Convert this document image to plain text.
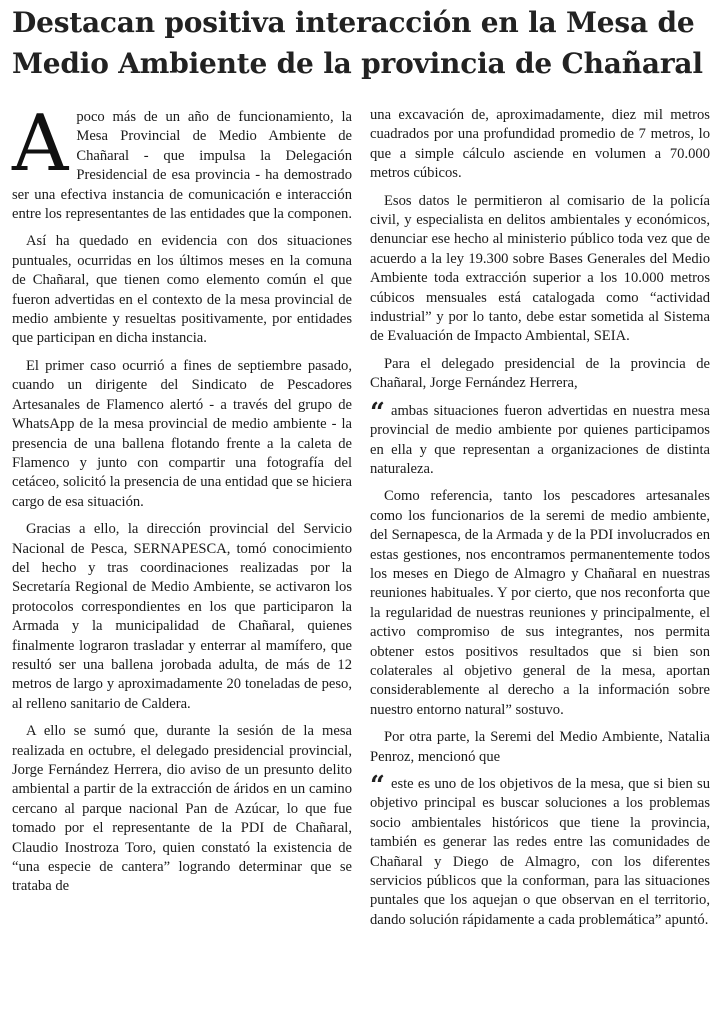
Destacan positiva interacción en la Mesa de Medio Ambiente de la provincia de Chañaral

A poco más de un año de funcionamiento, la Mesa Provincial de Medio Ambiente de Chañaral - que impulsa la Delegación Presidencial de esa provincia - ha demostrado ser una efectiva instancia de comunicación e interacción entre los representantes de las entidades que la componen.

Así ha quedado en evidencia con dos situaciones puntuales, ocurridas en los últimos meses en la comuna de Chañaral, que tienen como elemento común el que fueron advertidas en el contexto de la mesa provincial de medio ambiente y resueltas positivamente, por entidades que participan en dicha instancia.

El primer caso ocurrió a fines de septiembre pasado, cuando un dirigente del Sindicato de Pescadores Artesanales de Flamenco alertó - a través del grupo de WhatsApp de la mesa provincial de medio ambiente - la presencia de una ballena flotando frente a la caleta de Flamenco y junto con compartir una fotografía del cetáceo, solicitó la presencia de una entidad que se hiciera cargo de esa situación.

Gracias a ello, la dirección provincial del Servicio Nacional de Pesca, SERNAPESCA, tomó conocimiento del hecho y tras coordinaciones realizadas por la Secretaría Regional de Medio Ambiente, se activaron los protocolos correspondientes en los que participaron la Armada y la municipalidad de Chañaral, quienes finalmente lograron trasladar y enterrar al mamífero, que resultó ser una ballena jorobada adulta, de más de 12 metros de largo y aproximadamente 20 toneladas de peso, al relleno sanitario de Caldera.

A ello se sumó que, durante la sesión de la mesa realizada en octubre, el delegado presidencial provincial, Jorge Fernández Herrera, dio aviso de un presunto delito ambiental a partir de la extracción de áridos en un camino cercano al parque nacional Pan de Azúcar, lo que fue tomado por el representante de la PDI de Chañaral, Claudio Inostroza Toro, quien constató la existencia de “una especie de cantera” logrando determinar que se trataba de

una excavación de, aproximadamente, diez mil metros cuadrados por una profundidad promedio de 7 metros, lo que a simple cálculo asciende en volumen a 70.000 metros cúbicos.

Esos datos le permitieron al comisario de la policía civil, y especialista en delitos ambientales y económicos, denunciar ese hecho al ministerio público toda vez que de acuerdo a la ley 19.300 sobre Bases Generales del Medio Ambiente toda extracción superior a los 10.000 metros cúbicos mensuales está catalogada como “actividad industrial” y por lo tanto, debe estar sometida al Sistema de Evaluación de Impacto Ambiental, SEIA.

Para el delegado presidencial de la provincia de Chañaral, Jorge Fernández Herrera,

“ ambas situaciones fueron advertidas en nuestra mesa provincial de medio ambiente por quienes participamos en ella y que representan a organizaciones de distinta naturaleza.

Como referencia, tanto los pescadores artesanales como los funcionarios de la seremi de medio ambiente, del Sernapesca, de la Armada y de la PDI involucrados en estas gestiones, nos encontramos permanentemente todos los meses en Diego de Almagro y Chañaral en nuestras reuniones habituales. Y por cierto, que nos reconforta que la regularidad de nuestras reuniones y principalmente, el activo compromiso de sus integrantes, nos permita obtener estos positivos resultados que si bien son colaterales al objetivo general de la mesa, aportan considerablemente al derecho a la información sobre nuestro entorno natural” sostuvo.

Por otra parte, la Seremi del Medio Ambiente, Natalia Penroz, mencionó que

“ este es uno de los objetivos de la mesa, que si bien su objetivo principal es buscar soluciones a los problemas socio ambientales históricos que tiene la provincia, también es generar las redes entre las comunidades de Chañaral y Diego de Almagro, con los diferentes servicios públicos que la conforman, para las situaciones puntales que los aquejan o que observan en el territorio, dando solución rápidamente a cada problemática” apuntó.
